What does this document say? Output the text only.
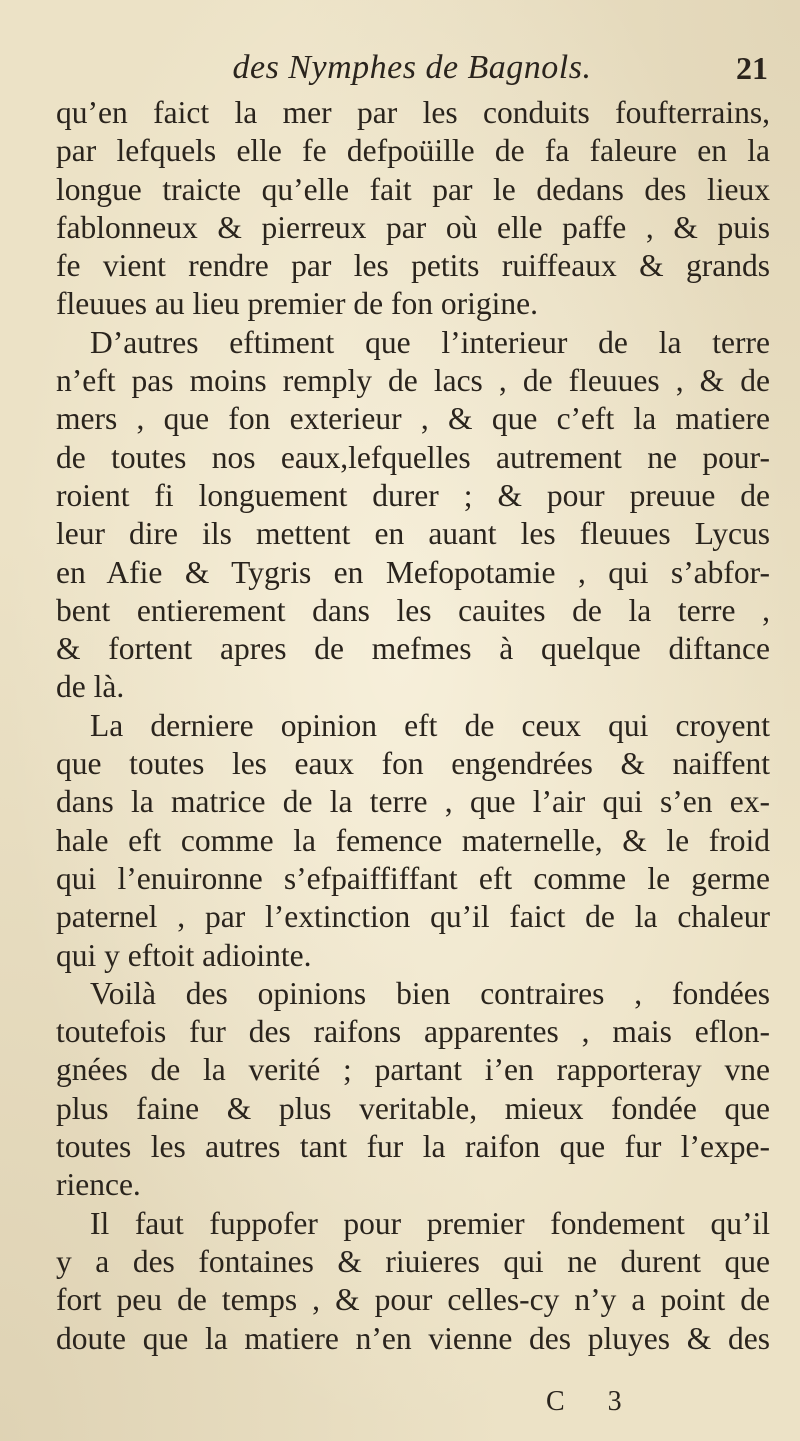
des Nymphes de Bagnols.	21
qu’en faict la mer par les conduits foufterrains,
par lefquels elle fe defpoüille de fa faleure en la
longue traicte qu’elle fait par le dedans des lieux
fablonneux & pierreux par où elle paffe , & puis
fe vient rendre par les petits ruiffeaux & grands
fleuues au lieu premier de fon origine.
D’autres eftiment que l’interieur de la terre
n’eft pas moins remply de lacs , de fleuues , & de
mers , que fon exterieur , & que c’eft la matiere
de toutes nos eaux,lefquelles autrement ne pour-
roient fi longuement durer ; & pour preuue de
leur dire ils mettent en auant les fleuues Lycus
en Afie & Tygris en Mefopotamie , qui s’abfor-
bent entierement dans les cauites de la terre ,
& fortent apres de mefmes à quelque diftance
de là.
La derniere opinion eft de ceux qui croyent
que toutes les eaux fon engendrées & naiffent
dans la matrice de la terre , que l’air qui s’en ex-
hale eft comme la femence maternelle, & le froid
qui l’enuironne s’efpaiffiffant eft comme le germe
paternel , par l’extinction qu’il faict de la chaleur
qui y eftoit adiointe.
Voilà des opinions bien contraires , fondées
toutefois fur des raifons apparentes , mais eflon-
gnées de la verité ; partant i’en rapporteray vne
plus faine & plus veritable, mieux fondée que
toutes les autres tant fur la raifon que fur l’expe-
rience.
Il faut fuppofer pour premier fondement qu’il
y a des fontaines & riuieres qui ne durent que
fort peu de temps , & pour celles-cy n’y a point de
doute que la matiere n’en vienne des pluyes & des
C 3
